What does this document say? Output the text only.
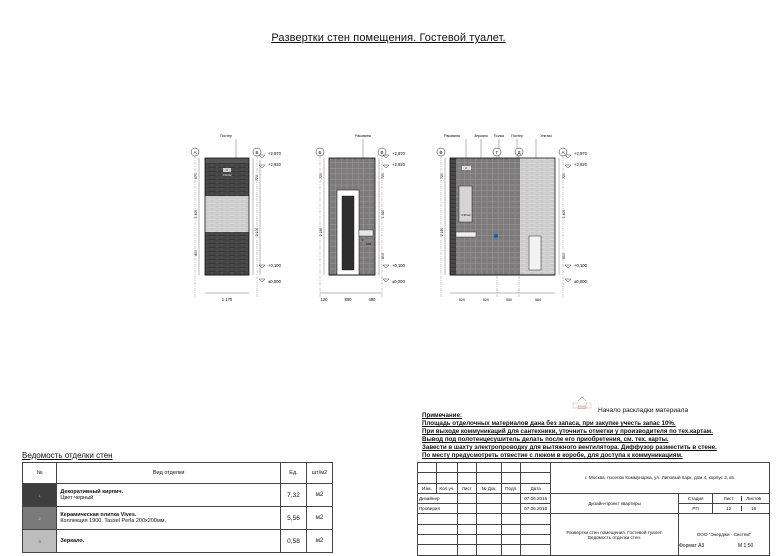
Развертки стен помещения. Гостевой туалет.
Постер
А	Б
1
2.52 м2
670
1 400
800
720
2 100
+2,970
+2,920
+0,100
±0,000
1 170
Раковина
Б	В
3
0.58
720
2 190
720
1 920
800
+2,970
+2,920
+0,100
±0,000
120	800	490
Раковина	Зеркало Полка Постер	Унитаз
В	Г	Д	А
2
0.96 м2
720
2 190
720
1 400
800
+2,970
+2,920
+0,100
±0,000
620	620	550	584
Начало раскладки материала
Примечание:
Площадь отделочных материалов дана без запаса, при закупке учесть запас 10%.
При выходе коммуникаций для сантехники, уточнить отметки у производителя по тех.картам.
Вывод под полотенцесушитель делать после его приобретения, см. тех. карты.
Завести в шахту электропроводку для вытяжного вентилятора. Диффузор разместить в стене.
По месту предусмотреть отвестие с люком в коробе, для доступа к коммуникациям.
Ведомость отделки стен
№	Вид отделки	Ед.	шт/м2
1	Декоративный кирпич.
Цвет черный	7,32	м2
2	Керамическая плитка Vives.
Коллекция 1900. Tassel Perla 200х200мм.	5,56	м2
3	Зеркало.	0,58	м2
						г. Москва, поселок Коммунарка, ул. Липовый парк, дом 4, корпус 3, кв.		

Изм.	Кол.уч.	Лист	№ Док.	Подп.	Дата			
Дизайнер					07.06.2016	Дизайн-проект квартиры	Стадия	Лист Листов
Проверил					07.06.2016		РП	12 16
						Развертки стен помещения. Гостевой туалет.
Ведомость отделки стен.	ООО "Энерджи - Систем"	

Формат А3	М 1:50
